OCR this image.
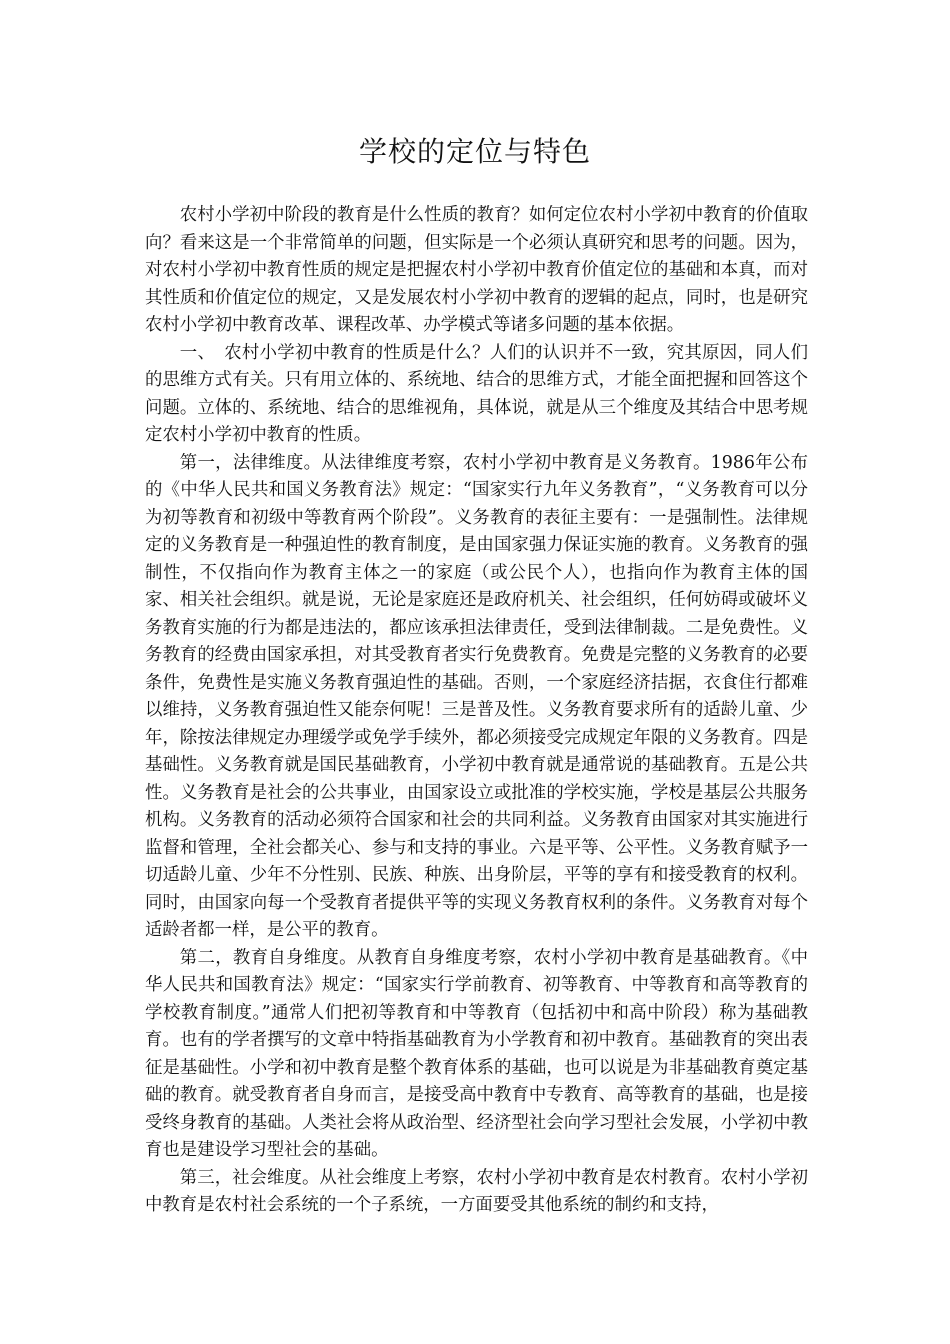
学校的定位与特色

农村小学初中阶段的教育是什么性质的教育？如何定位农村小学初中教育的价值取向？看来这是一个非常简单的问题，但实际是一个必须认真研究和思考的问题。因为，对农村小学初中教育性质的规定是把握农村小学初中教育价值定位的基础和本真，而对其性质和价值定位的规定，又是发展农村小学初中教育的逻辑的起点，同时，也是研究农村小学初中教育改革、课程改革、办学模式等诸多问题的基本依据。

一、　农村小学初中教育的性质是什么？人们的认识并不一致，究其原因，同人们的思维方式有关。只有用立体的、系统地、结合的思维方式，才能全面把握和回答这个问题。立体的、系统地、结合的思维视角，具体说，就是从三个维度及其结合中思考规定农村小学初中教育的性质。

第一，法律维度。从法律维度考察，农村小学初中教育是义务教育。1986年公布的《中华人民共和国义务教育法》规定：“国家实行九年义务教育”，“义务教育可以分为初等教育和初级中等教育两个阶段”。义务教育的表征主要有：一是强制性。法律规定的义务教育是一种强迫性的教育制度，是由国家强力保证实施的教育。义务教育的强制性，不仅指向作为教育主体之一的家庭（或公民个人），也指向作为教育主体的国家、相关社会组织。就是说，无论是家庭还是政府机关、社会组织，任何妨碍或破坏义务教育实施的行为都是违法的，都应该承担法律责任，受到法律制裁。二是免费性。义务教育的经费由国家承担，对其受教育者实行免费教育。免费是完整的义务教育的必要条件，免费性是实施义务教育强迫性的基础。否则，一个家庭经济拮据，衣食住行都难以维持，义务教育强迫性又能奈何呢！三是普及性。义务教育要求所有的适龄儿童、少年，除按法律规定办理缓学或免学手续外，都必须接受完成规定年限的义务教育。四是基础性。义务教育就是国民基础教育，小学初中教育就是通常说的基础教育。五是公共性。义务教育是社会的公共事业，由国家设立或批准的学校实施，学校是基层公共服务机构。义务教育的活动必须符合国家和社会的共同利益。义务教育由国家对其实施进行监督和管理，全社会都关心、参与和支持的事业。六是平等、公平性。义务教育赋予一切适龄儿童、少年不分性别、民族、种族、出身阶层，平等的享有和接受教育的权利。同时，由国家向每一个受教育者提供平等的实现义务教育权利的条件。义务教育对每个适龄者都一样，是公平的教育。

第二，教育自身维度。从教育自身维度考察，农村小学初中教育是基础教育。《中华人民共和国教育法》规定：“国家实行学前教育、初等教育、中等教育和高等教育的学校教育制度。”通常人们把初等教育和中等教育（包括初中和高中阶段）称为基础教育。也有的学者撰写的文章中特指基础教育为小学教育和初中教育。基础教育的突出表征是基础性。小学和初中教育是整个教育体系的基础，也可以说是为非基础教育奠定基础的教育。就受教育者自身而言，是接受高中教育中专教育、高等教育的基础，也是接受终身教育的基础。人类社会将从政治型、经济型社会向学习型社会发展，小学初中教育也是建设学习型社会的基础。

第三，社会维度。从社会维度上考察，农村小学初中教育是农村教育。农村小学初中教育是农村社会系统的一个子系统，一方面要受其他系统的制约和支持，
